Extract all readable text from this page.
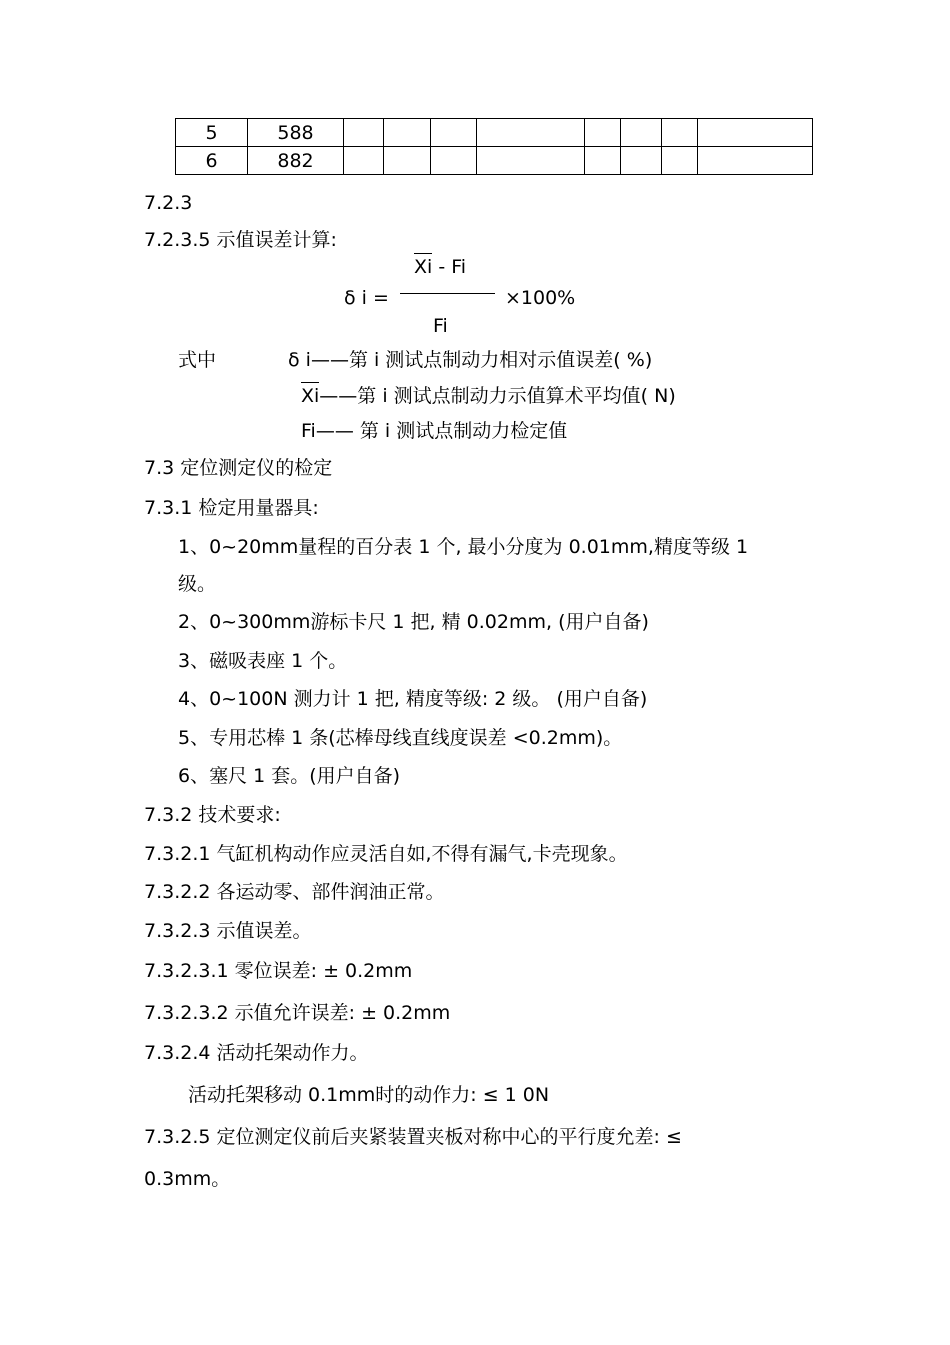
5	588								
6	882								
7.2.3
7.2.3.5 示值误差计算:
Xi - Fi
δ i =	×100%
Fi
式中	δ i——第 i 测试点制动力相对示值误差( %)
Xi——第 i 测试点制动力示值算术平均值( N)
Fi—— 第 i 测试点制动力检定值
7.3 定位测定仪的检定
7.3.1 检定用量器具:
1、0~20mm量程的百分表 1 个, 最小分度为 0.01mm,精度等级 1
级。
2、0~300mm游标卡尺 1 把, 精 0.02mm, (用户自备)
3、磁吸表座 1 个。
4、0~100N 测力计 1 把, 精度等级: 2 级。 (用户自备)
5、专用芯棒 1 条(芯棒母线直线度误差 <0.2mm)。
6、塞尺 1 套。(用户自备)
7.3.2 技术要求:
7.3.2.1 气缸机构动作应灵活自如,不得有漏气,卡壳现象。
7.3.2.2 各运动零、部件润油正常。
7.3.2.3 示值误差。
7.3.2.3.1 零位误差: ± 0.2mm
7.3.2.3.2 示值允许误差: ± 0.2mm
7.3.2.4 活动托架动作力。
活动托架移动 0.1mm时的动作力: ≤ 1 0N
7.3.2.5 定位测定仪前后夹紧装置夹板对称中心的平行度允差: ≤
0.3mm。
